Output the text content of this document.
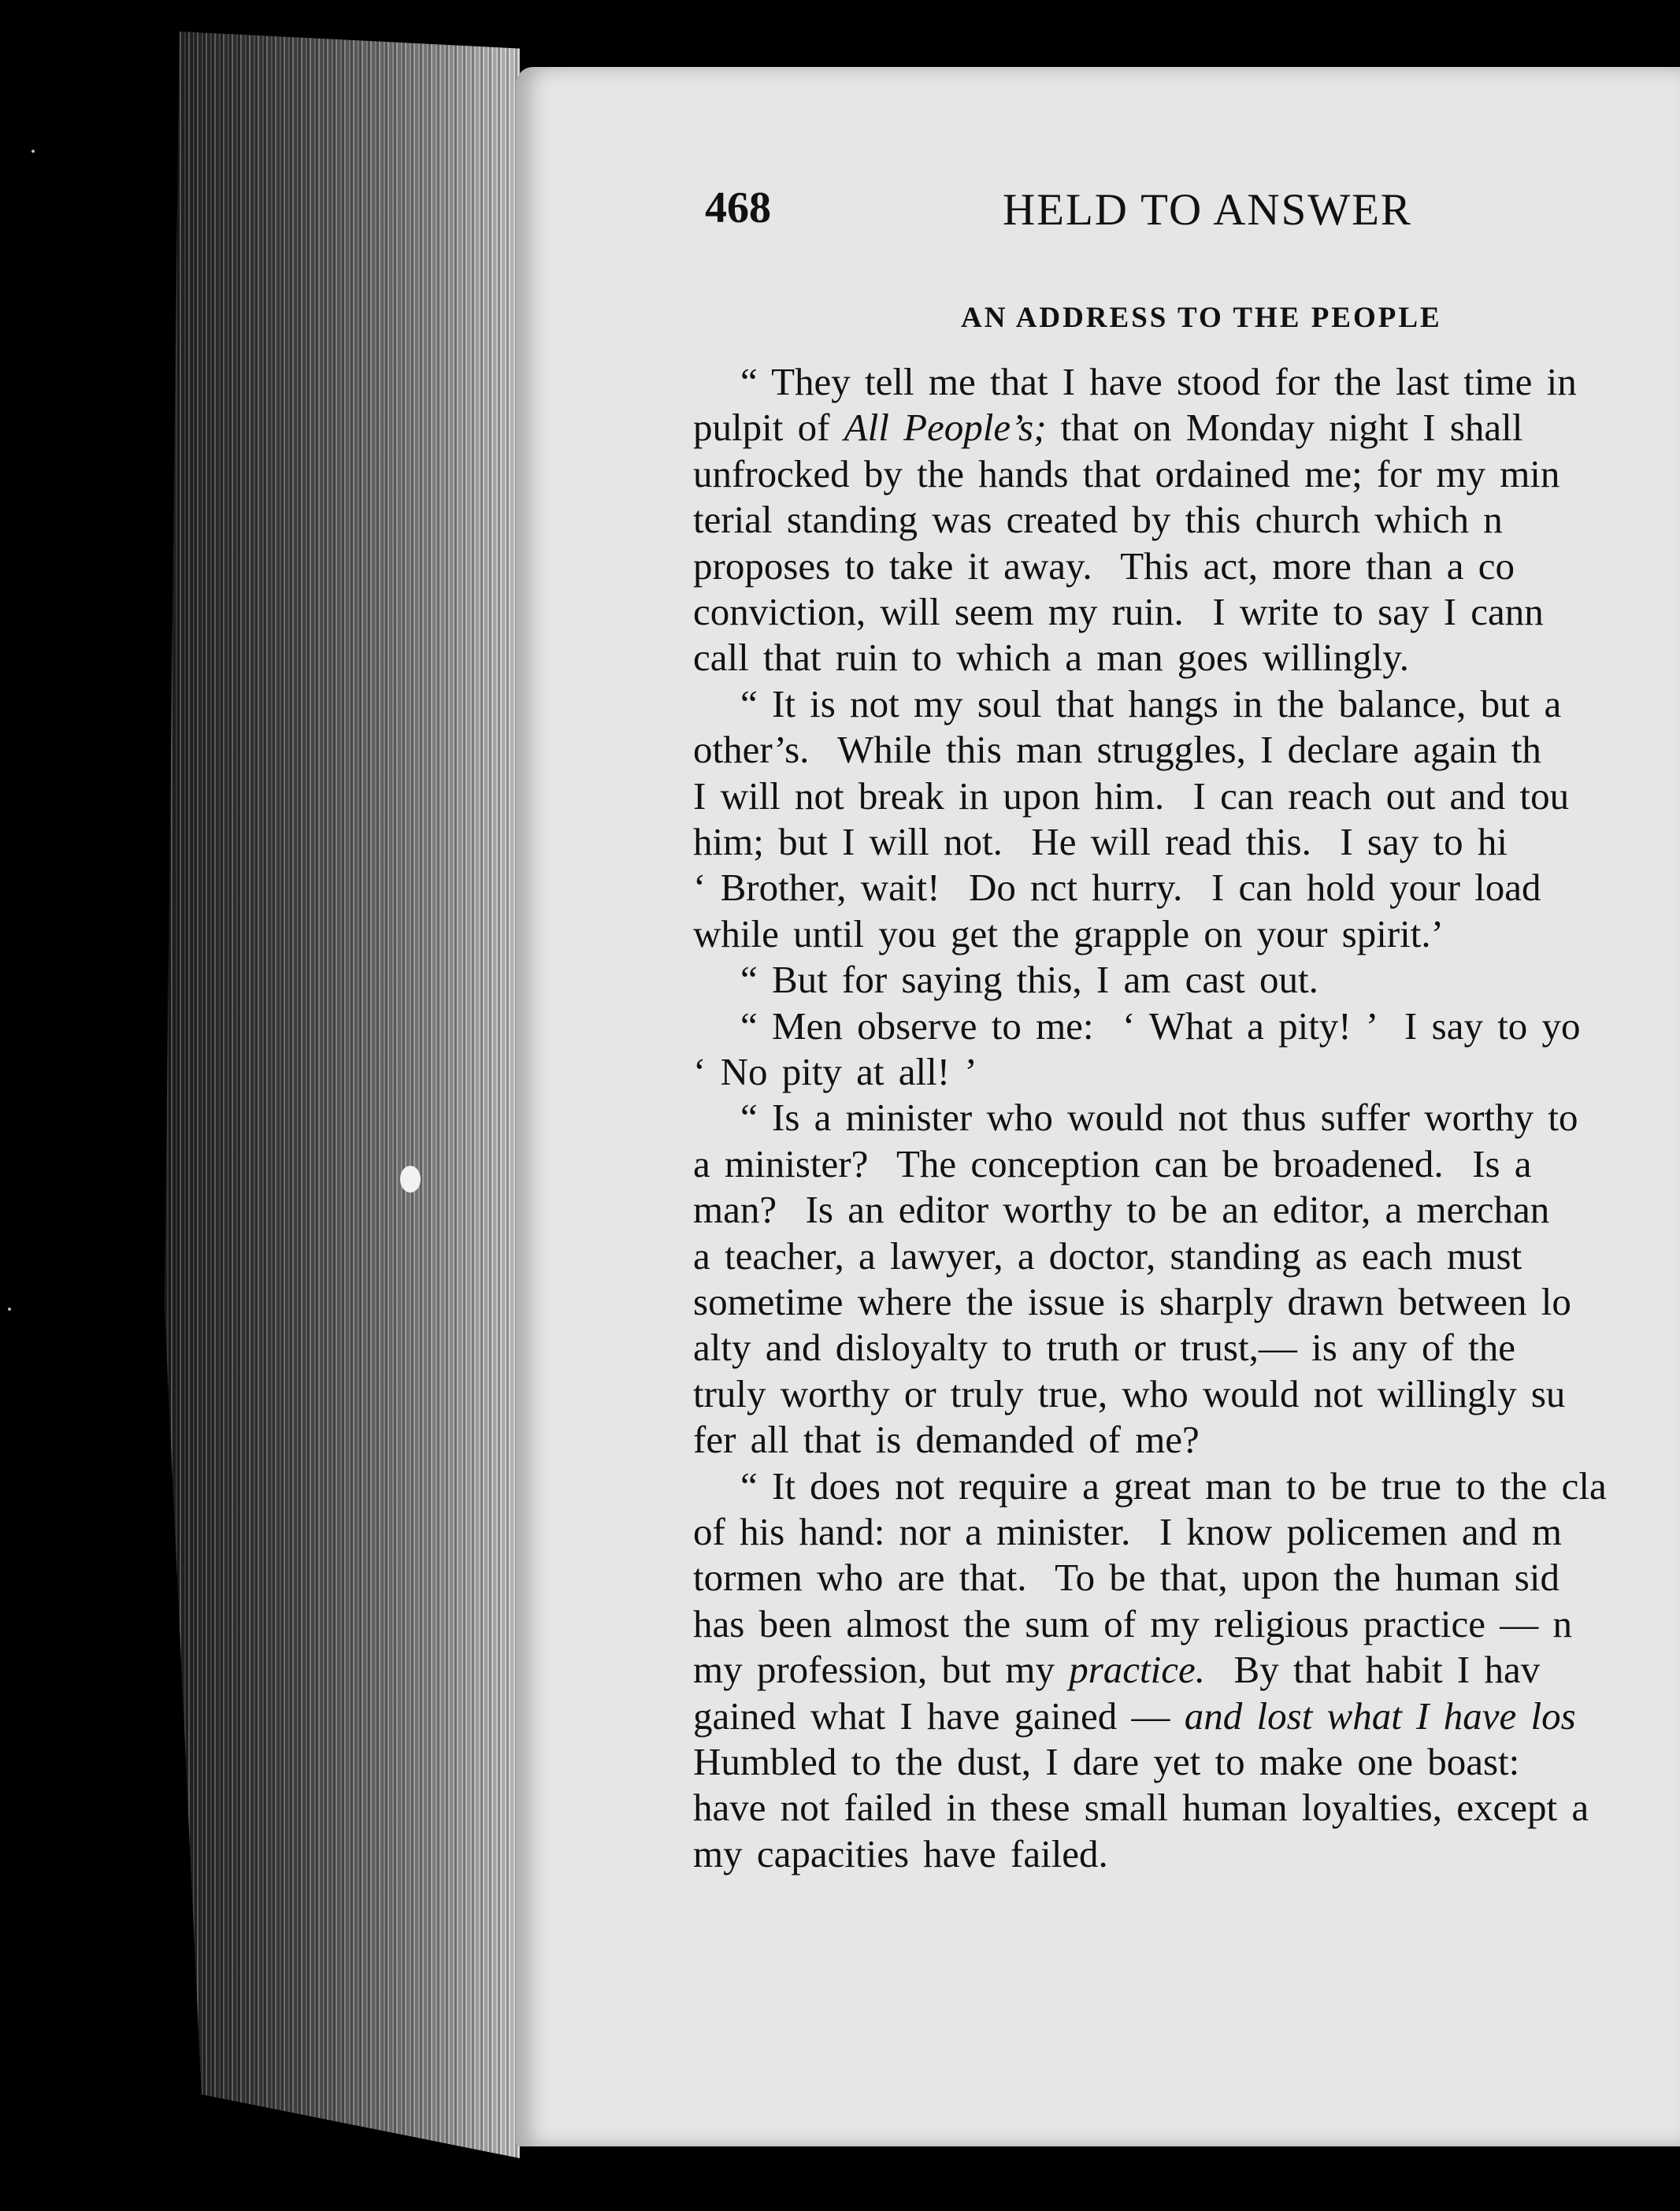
468	HELD TO ANSWER
AN ADDRESS TO THE PEOPLE
“ They tell me that I have stood for the last time in
pulpit of All People’s; that on Monday night I shall
unfrocked by the hands that ordained me; for my min
terial standing was created by this church which n
proposes to take it away.  This act, more than a co
conviction, will seem my ruin.  I write to say I cann
call that ruin to which a man goes willingly.
“ It is not my soul that hangs in the balance, but a
other’s.  While this man struggles, I declare again th
I will not break in upon him.  I can reach out and tou
him; but I will not.  He will read this.  I say to hi
‘ Brother, wait!  Do nct hurry.  I can hold your load
while until you get the grapple on your spirit.’
“ But for saying this, I am cast out.
“ Men observe to me:  ‘ What a pity! ’  I say to yo
‘ No pity at all! ’
“ Is a minister who would not thus suffer worthy to
a minister?  The conception can be broadened.  Is a
man?  Is an editor worthy to be an editor, a merchan
a teacher, a lawyer, a doctor, standing as each must
sometime where the issue is sharply drawn between lo
alty and disloyalty to truth or trust,— is any of the
truly worthy or truly true, who would not willingly su
fer all that is demanded of me?
“ It does not require a great man to be true to the cla
of his hand: nor a minister.  I know policemen and m
tormen who are that.  To be that, upon the human sid
has been almost the sum of my religious practice — n
my profession, but my practice.  By that habit I hav
gained what I have gained — and lost what I have los
Humbled to the dust, I dare yet to make one boast:
have not failed in these small human loyalties, except a
my capacities have failed.
